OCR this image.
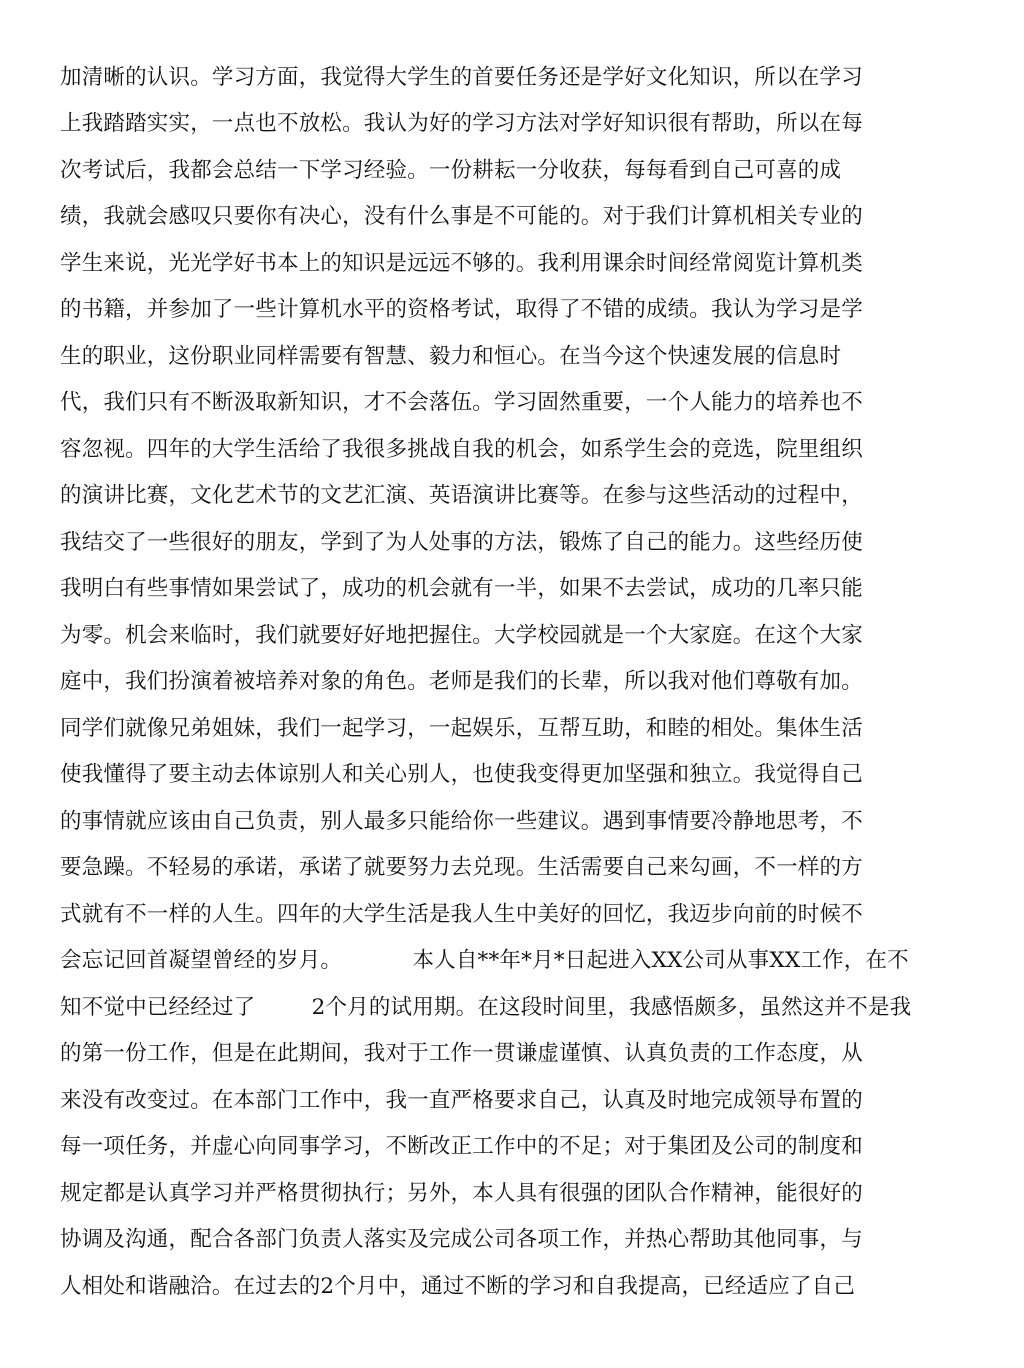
加清晰的认识。学习方面，我觉得大学生的首要任务还是学好文化知识，所以在学习
上我踏踏实实，一点也不放松。我认为好的学习方法对学好知识很有帮助，所以在每
次考试后，我都会总结一下学习经验。一份耕耘一分收获，每每看到自己可喜的成
绩，我就会感叹只要你有决心，没有什么事是不可能的。对于我们计算机相关专业的
学生来说，光光学好书本上的知识是远远不够的。我利用课余时间经常阅览计算机类
的书籍，并参加了一些计算机水平的资格考试，取得了不错的成绩。我认为学习是学
生的职业，这份职业同样需要有智慧、毅力和恒心。在当今这个快速发展的信息时
代，我们只有不断汲取新知识，才不会落伍。学习固然重要，一个人能力的培养也不
容忽视。四年的大学生活给了我很多挑战自我的机会，如系学生会的竞选，院里组织
的演讲比赛，文化艺术节的文艺汇演、英语演讲比赛等。在参与这些活动的过程中，
我结交了一些很好的朋友，学到了为人处事的方法，锻炼了自己的能力。这些经历使
我明白有些事情如果尝试了，成功的机会就有一半，如果不去尝试，成功的几率只能
为零。机会来临时，我们就要好好地把握住。大学校园就是一个大家庭。在这个大家
庭中，我们扮演着被培养对象的角色。老师是我们的长辈，所以我对他们尊敬有加。
同学们就像兄弟姐妹，我们一起学习，一起娱乐，互帮互助，和睦的相处。集体生活
使我懂得了要主动去体谅别人和关心别人，也使我变得更加坚强和独立。我觉得自己
的事情就应该由自己负责，别人最多只能给你一些建议。遇到事情要冷静地思考，不
要急躁。不轻易的承诺，承诺了就要努力去兑现。生活需要自己来勾画，不一样的方
式就有不一样的人生。四年的大学生活是我人生中美好的回忆，我迈步向前的时候不
会忘记回首凝望曾经的岁月。          本人自**年*月*日起进入XX公司从事XX工作，在不
知不觉中已经经过了        2个月的试用期。在这段时间里，我感悟颇多，虽然这并不是我
的第一份工作，但是在此期间，我对于工作一贯谦虚谨慎、认真负责的工作态度，从
来没有改变过。在本部门工作中，我一直严格要求自己，认真及时地完成领导布置的
每一项任务，并虚心向同事学习，不断改正工作中的不足；对于集团及公司的制度和
规定都是认真学习并严格贯彻执行；另外，本人具有很强的团队合作精神，能很好的
协调及沟通，配合各部门负责人落实及完成公司各项工作，并热心帮助其他同事，与
人相处和谐融洽。在过去的2个月中，通过不断的学习和自我提高，已经适应了自己
